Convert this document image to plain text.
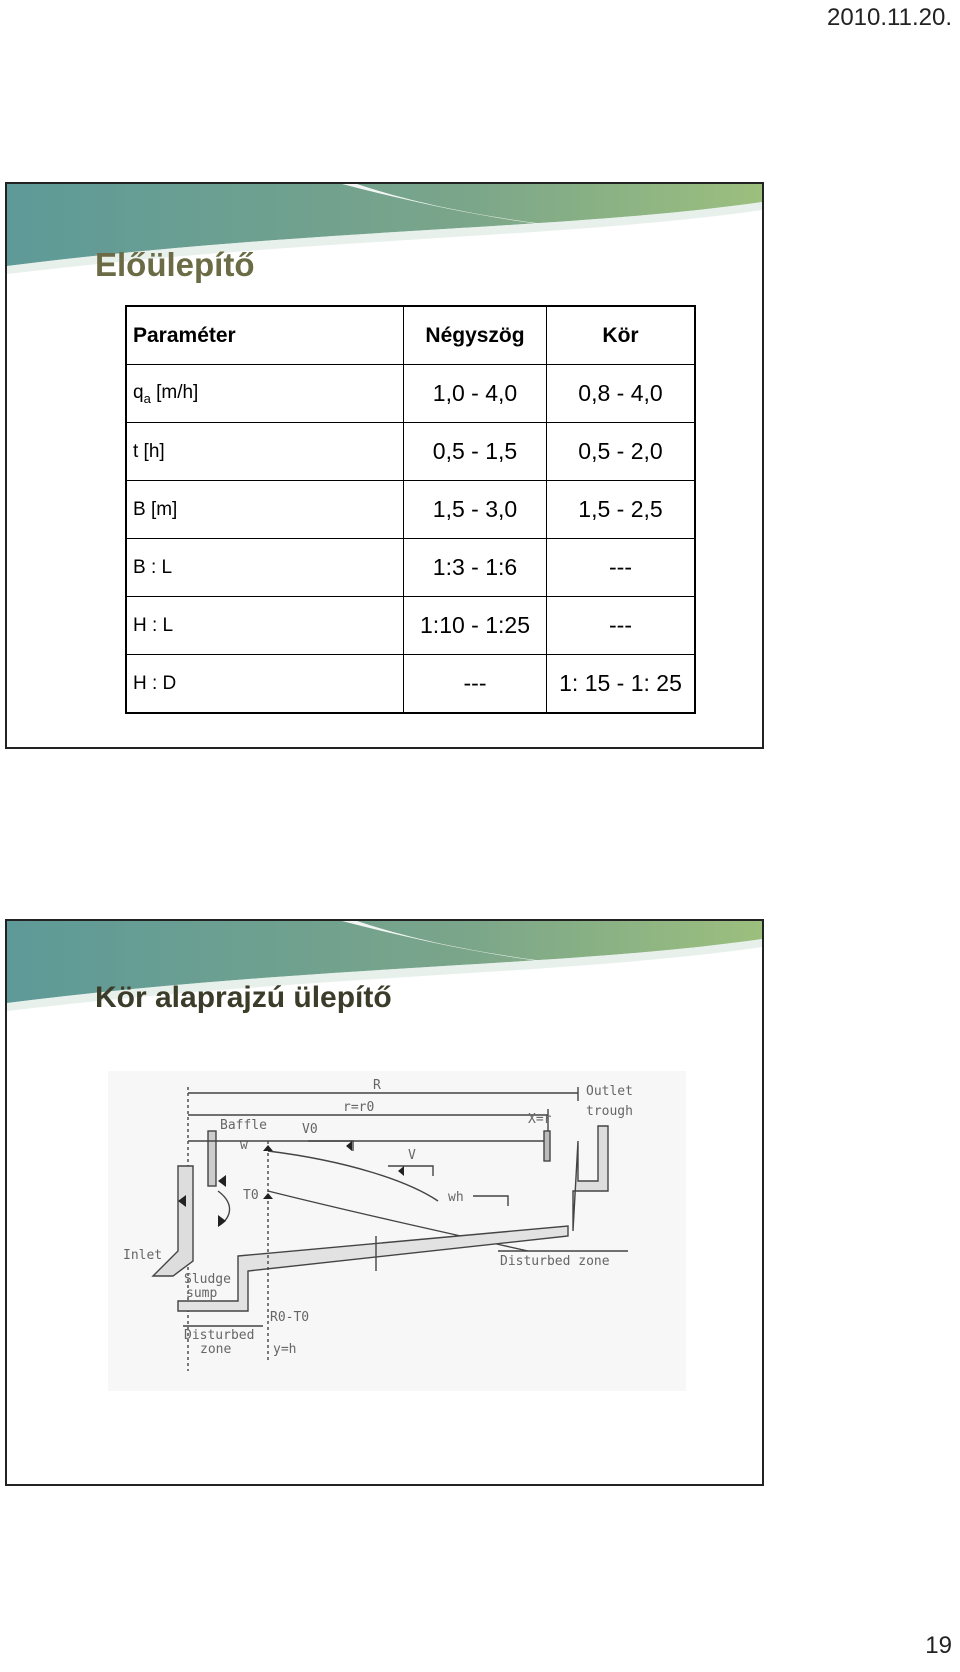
2010.11.20.
Előülepítő
Paraméter	Négyszög	Kör
$q_a$ [m/h]	1,0 - 4,0	0,8 - 4,0
t [h]	0,5 - 1,5	0,5 - 2,0
B [m]	1,5 - 3,0	1,5 - 2,5
B : L	1:3 - 1:6	---
H : L	1:10 - 1:25	---
H : D	---	1: 15 - 1: 25
Kör alaprajzú ülepítő
R
r=r0
Outlet
trough
Baffle	V0
w
X=r
V
wh
T0
Inlet
Sludge
sump
Disturbed zone
R0-T0
Disturbed
zone	y=h
19
